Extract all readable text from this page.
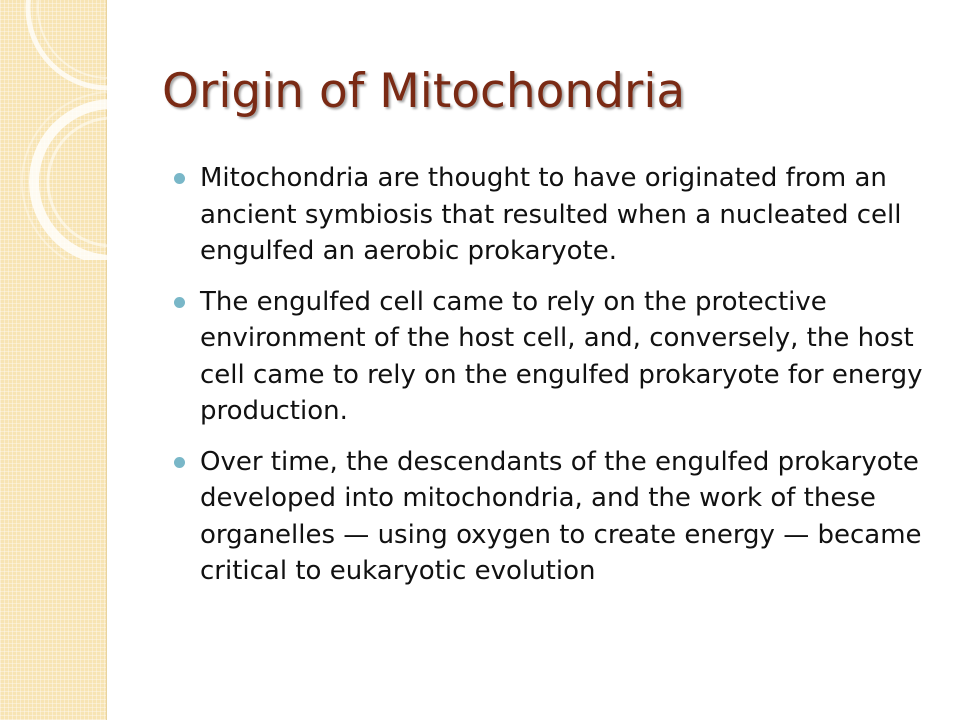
Origin of Mitochondria
Mitochondria are thought to have originated from an ancient symbiosis that resulted when a nucleated cell engulfed an aerobic prokaryote.
The engulfed cell came to rely on the protective environment of the host cell, and, conversely, the host cell came to rely on the engulfed prokaryote for energy production.
Over time, the descendants of the engulfed prokaryote developed into mitochondria, and the work of these organelles — using oxygen to create energy — became critical to eukaryotic evolution
